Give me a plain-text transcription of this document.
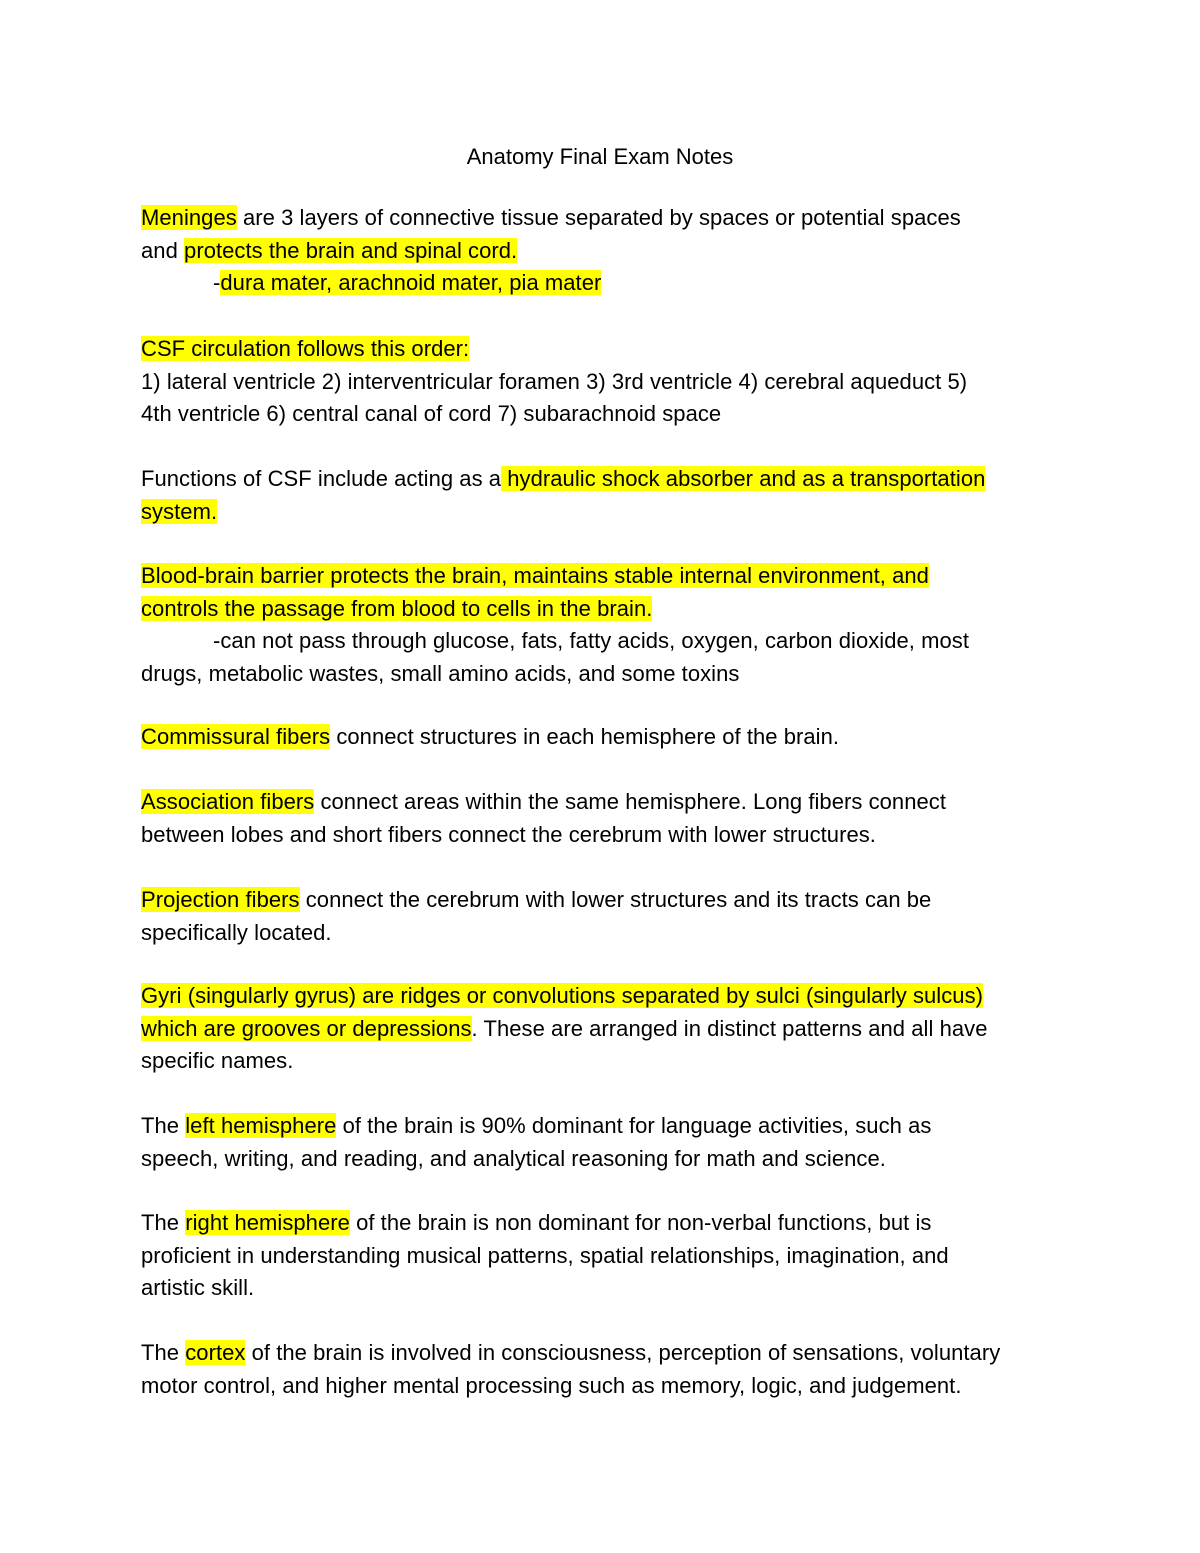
Anatomy Final Exam Notes
Meninges are 3 layers of connective tissue separated by spaces or potential spaces
and protects the brain and spinal cord.
-dura mater, arachnoid mater, pia mater
CSF circulation follows this order:
1) lateral ventricle 2) interventricular foramen 3) 3rd ventricle 4) cerebral aqueduct 5)
4th ventricle 6) central canal of cord 7) subarachnoid space
Functions of CSF include acting as a hydraulic shock absorber and as a transportation
system.
Blood-brain barrier protects the brain, maintains stable internal environment, and
controls the passage from blood to cells in the brain.
-can not pass through glucose, fats, fatty acids, oxygen, carbon dioxide, most
drugs, metabolic wastes, small amino acids, and some toxins
Commissural fibers connect structures in each hemisphere of the brain.
Association fibers connect areas within the same hemisphere. Long fibers connect
between lobes and short fibers connect the cerebrum with lower structures.
Projection fibers connect the cerebrum with lower structures and its tracts can be
specifically located.
Gyri (singularly gyrus) are ridges or convolutions separated by sulci (singularly sulcus)
which are grooves or depressions. These are arranged in distinct patterns and all have
specific names.
The left hemisphere of the brain is 90% dominant for language activities, such as
speech, writing, and reading, and analytical reasoning for math and science.
The right hemisphere of the brain is non dominant for non-verbal functions, but is
proficient in understanding musical patterns, spatial relationships, imagination, and
artistic skill.
The cortex of the brain is involved in consciousness, perception of sensations, voluntary
motor control, and higher mental processing such as memory, logic, and judgement.
